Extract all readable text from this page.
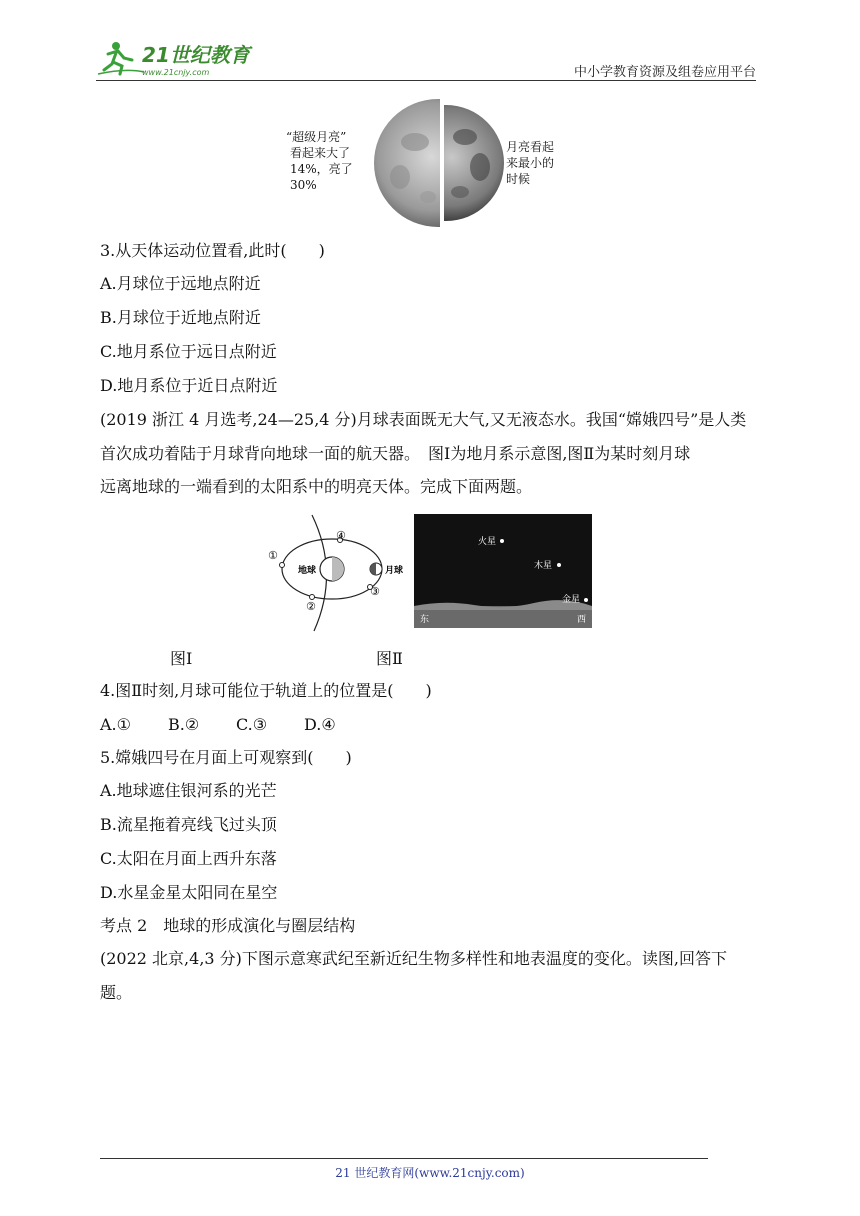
21世纪教育
www.21cnjy.com	中小学教育资源及组卷应用平台
“超级月亮” 看起来大了 14%，亮了 30%
月亮看起 来最小的 时候
3.从天体运动位置看,此时(　　)
A.月球位于远地点附近
B.月球位于近地点附近
C.地月系位于远日点附近
D.地月系位于近日点附近
(2019 浙江 4 月选考,24—25,4 分)月球表面既无大气,又无液态水。我国“嫦娥四号”是人类
首次成功着陆于月球背向地球一面的航天器。　图Ⅰ为地月系示意图,图Ⅱ为某时刻月球
远离地球的一端看到的太阳系中的明亮天体。完成下面两题。
地球	月球
①
②
③
④	火星
木星
金星
东	西
图Ⅰ	图Ⅱ
4.图Ⅱ时刻,月球可能位于轨道上的位置是(　　)
A.① B.② C.③ D.④
5.嫦娥四号在月面上可观察到(　　)
A.地球遮住银河系的光芒
B.流星拖着亮线飞过头顶
C.太阳在月面上西升东落
D.水星金星太阳同在星空
考点 2　地球的形成演化与圈层结构
(2022 北京,4,3 分)下图示意寒武纪至新近纪生物多样性和地表温度的变化。读图,回答下
题。
21 世纪教育网(www.21cnjy.com)
